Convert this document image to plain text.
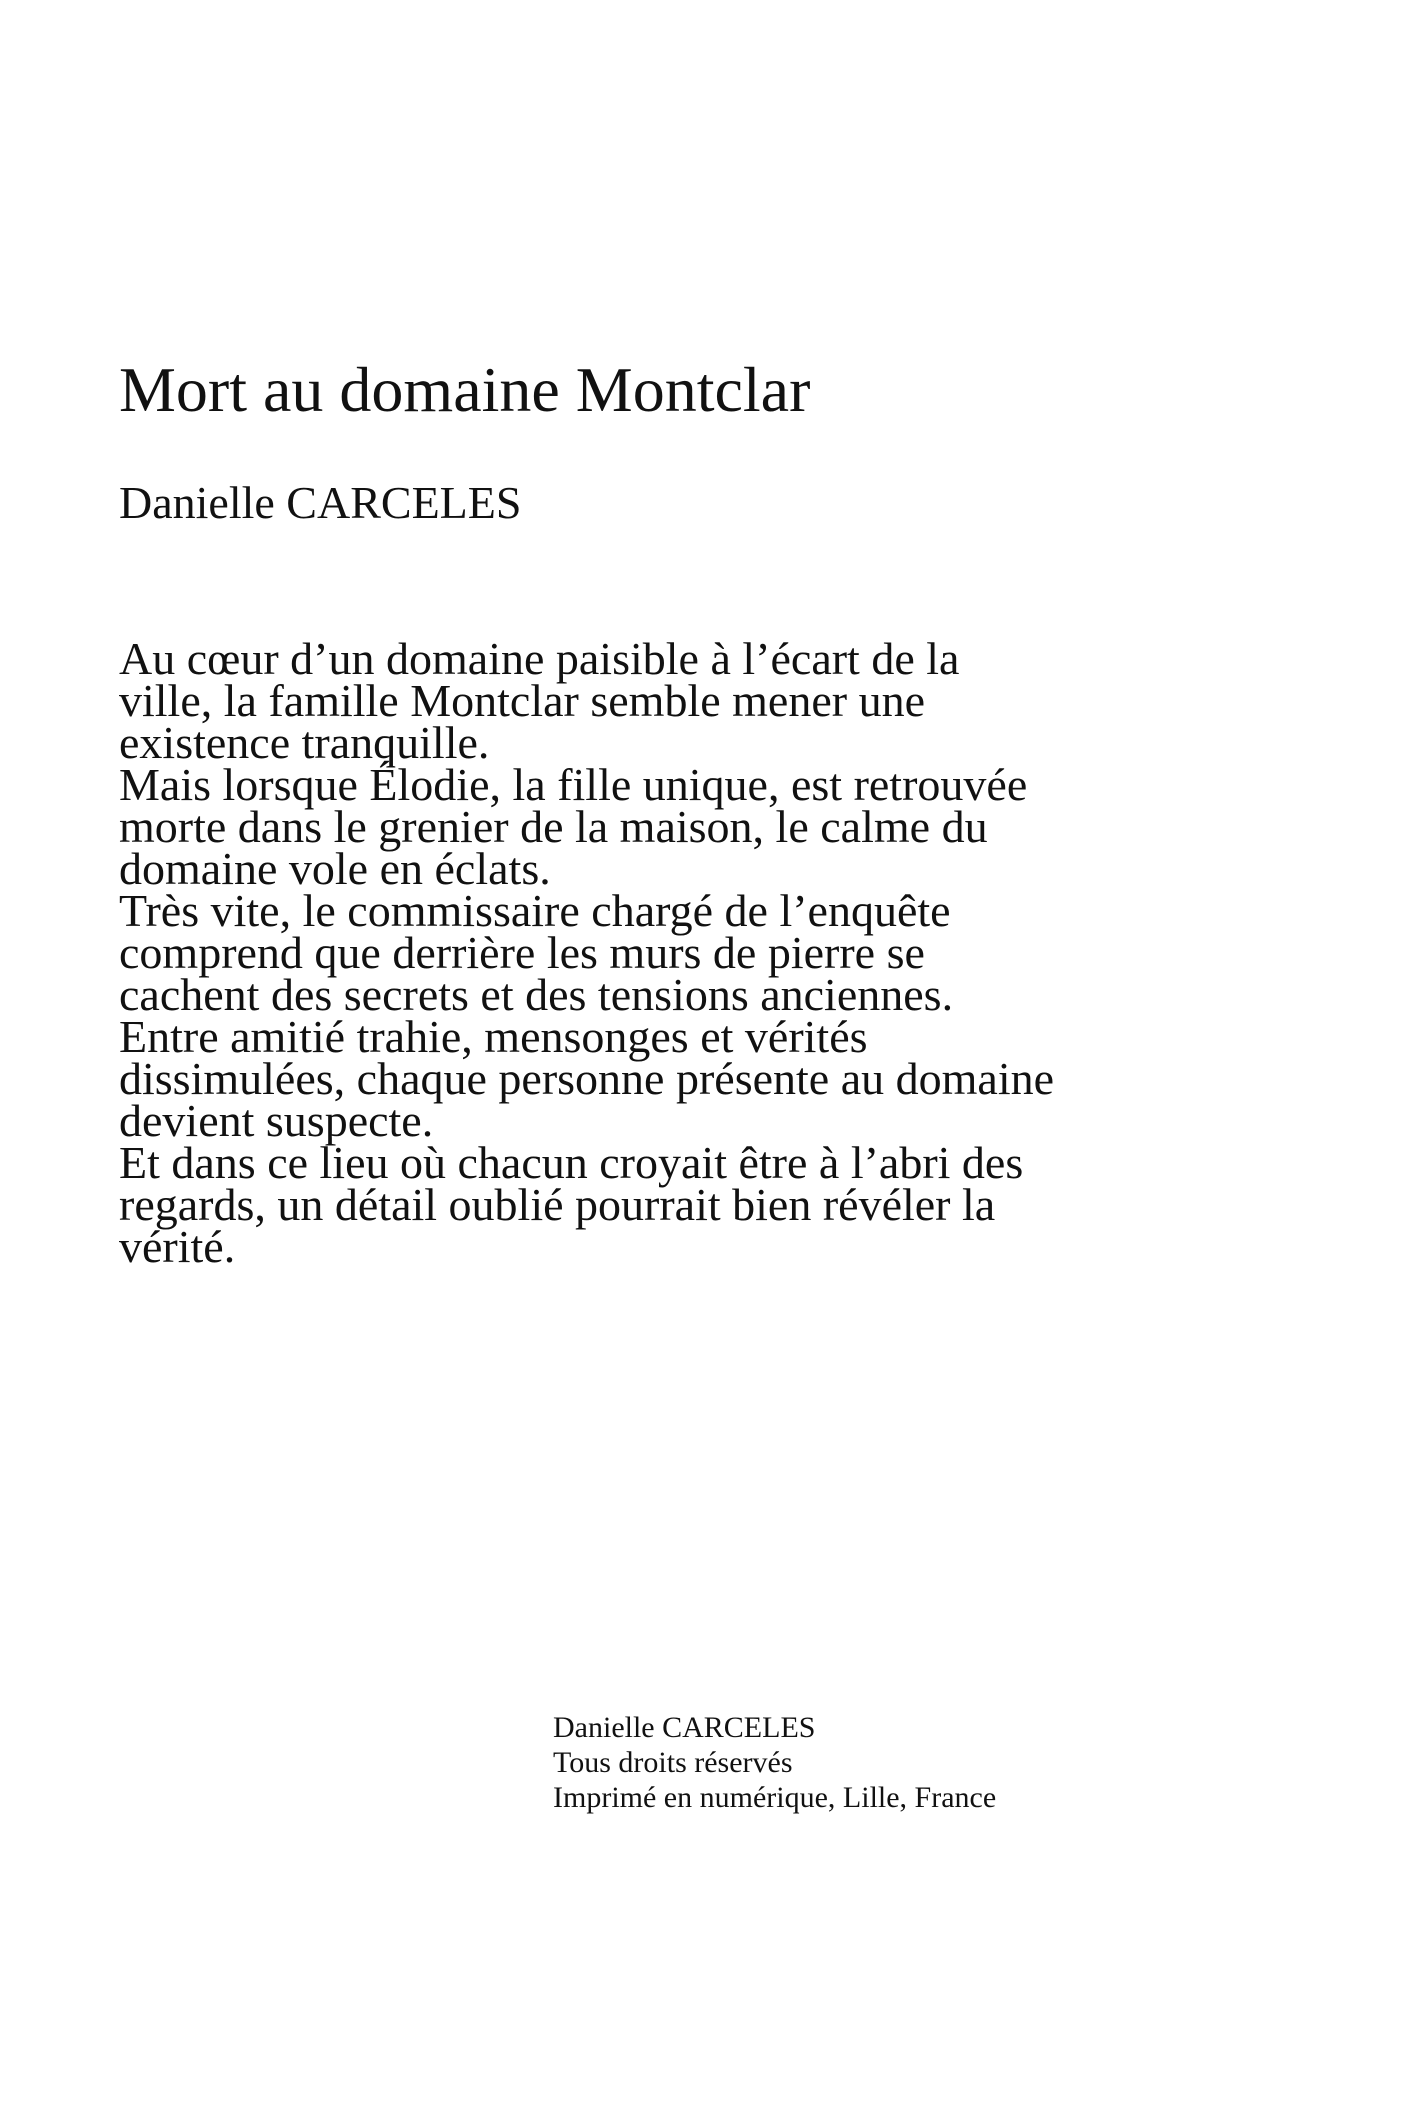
Mort au domaine Montclar
Danielle CARCELES
Au cœur d’un domaine paisible à l’écart de la ville, la famille Montclar semble mener une existence tranquille.
Mais lorsque Élodie, la fille unique, est retrouvée morte dans le grenier de la maison, le calme du domaine vole en éclats.
Très vite, le commissaire chargé de l’enquête comprend que derrière les murs de pierre se cachent des secrets et des tensions anciennes.
Entre amitié trahie, mensonges et vérités dissimulées, chaque personne présente au domaine devient suspecte.
Et dans ce lieu où chacun croyait être à l’abri des regards, un détail oublié pourrait bien révéler la vérité.
Danielle CARCELES
Tous droits réservés
Imprimé en numérique, Lille, France
